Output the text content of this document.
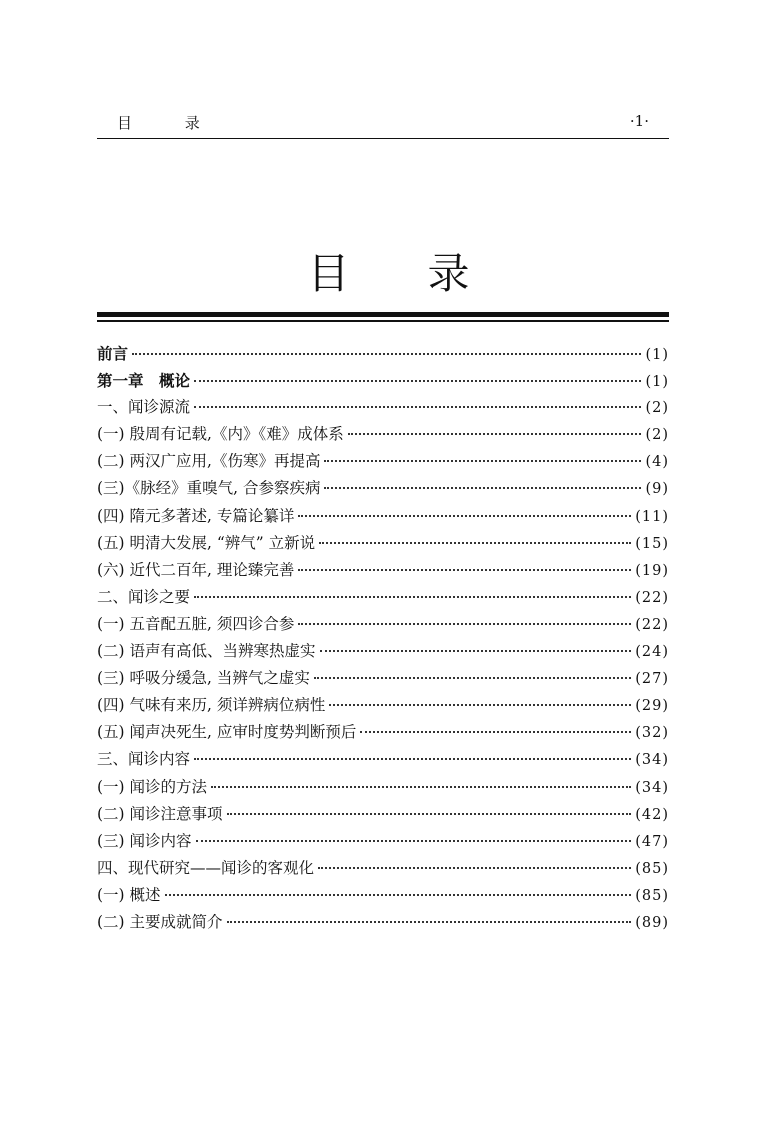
目 录	·1·
目录
前言	(1)
第一章　概论	(1)
一、闻诊源流	(2)
(一) 殷周有记载,《内》《难》成体系	(2)
(二) 两汉广应用,《伤寒》再提高	(4)
(三)《脉经》重嗅气, 合参察疾病	(9)
(四) 隋元多著述, 专篇论纂详	(11)
(五) 明清大发展, “辨气” 立新说	(15)
(六) 近代二百年, 理论臻完善	(19)
二、闻诊之要	(22)
(一) 五音配五脏, 须四诊合参	(22)
(二) 语声有高低、当辨寒热虚实	(24)
(三) 呼吸分缓急, 当辨气之虚实	(27)
(四) 气味有来历, 须详辨病位病性	(29)
(五) 闻声决死生, 应审时度势判断预后	(32)
三、闻诊内容	(34)
(一) 闻诊的方法	(34)
(二) 闻诊注意事项	(42)
(三) 闻诊内容	(47)
四、现代研究——闻诊的客观化	(85)
(一) 概述	(85)
(二) 主要成就简介	(89)
